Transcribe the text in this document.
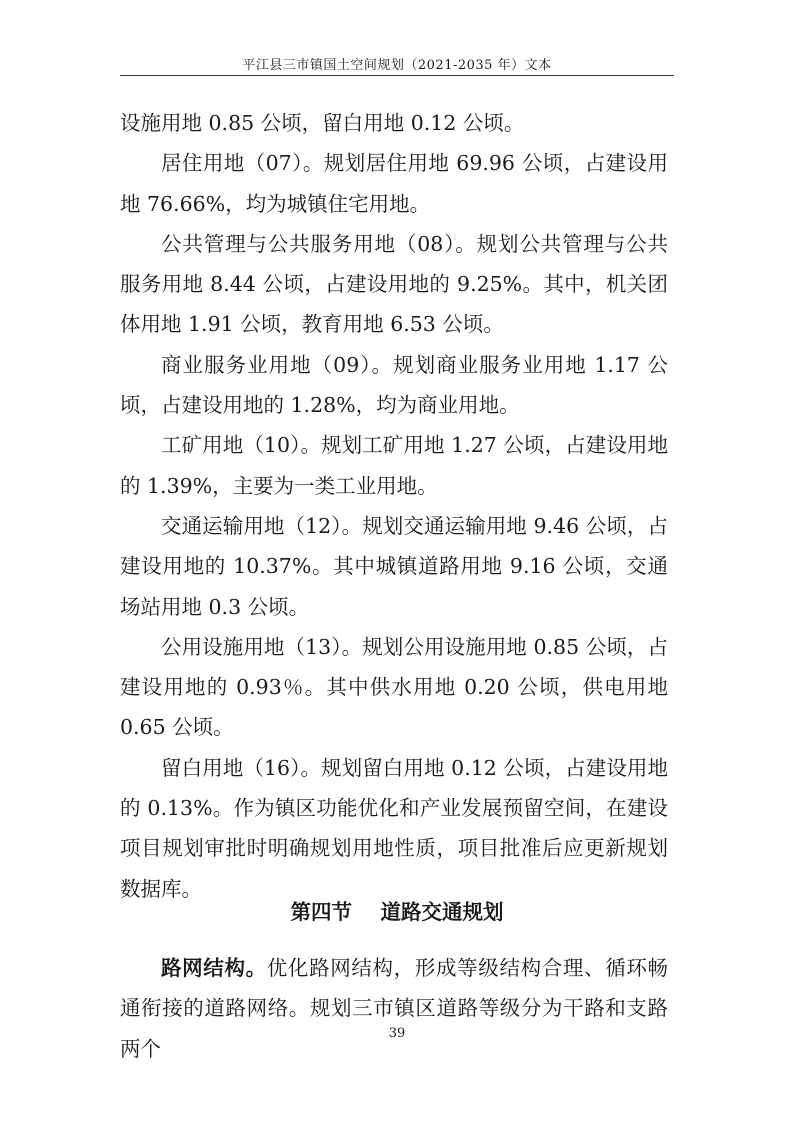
平江县三市镇国土空间规划（2021-2035 年）文本

设施用地 0.85 公顷，留白用地 0.12 公顷。

居住用地（07）。规划居住用地 69.96 公顷，占建设用地 76.66%，均为城镇住宅用地。

公共管理与公共服务用地（08）。规划公共管理与公共服务用地 8.44 公顷，占建设用地的 9.25%。其中，机关团体用地 1.91 公顷，教育用地 6.53 公顷。

商业服务业用地（09）。规划商业服务业用地 1.17 公顷，占建设用地的 1.28%，均为商业用地。

工矿用地（10）。规划工矿用地 1.27 公顷，占建设用地的 1.39%，主要为一类工业用地。

交通运输用地（12）。规划交通运输用地 9.46 公顷，占建设用地的 10.37%。其中城镇道路用地 9.16 公顷，交通场站用地 0.3 公顷。

公用设施用地（13）。规划公用设施用地 0.85 公顷，占建设用地的 0.93％。其中供水用地 0.20 公顷，供电用地 0.65 公顷。

留白用地（16）。规划留白用地 0.12 公顷，占建设用地的 0.13%。作为镇区功能优化和产业发展预留空间，在建设项目规划审批时明确规划用地性质，项目批准后应更新规划数据库。

第四节    道路交通规划

路网结构。优化路网结构，形成等级结构合理、循环畅通衔接的道路网络。规划三市镇区道路等级分为干路和支路两个

39
